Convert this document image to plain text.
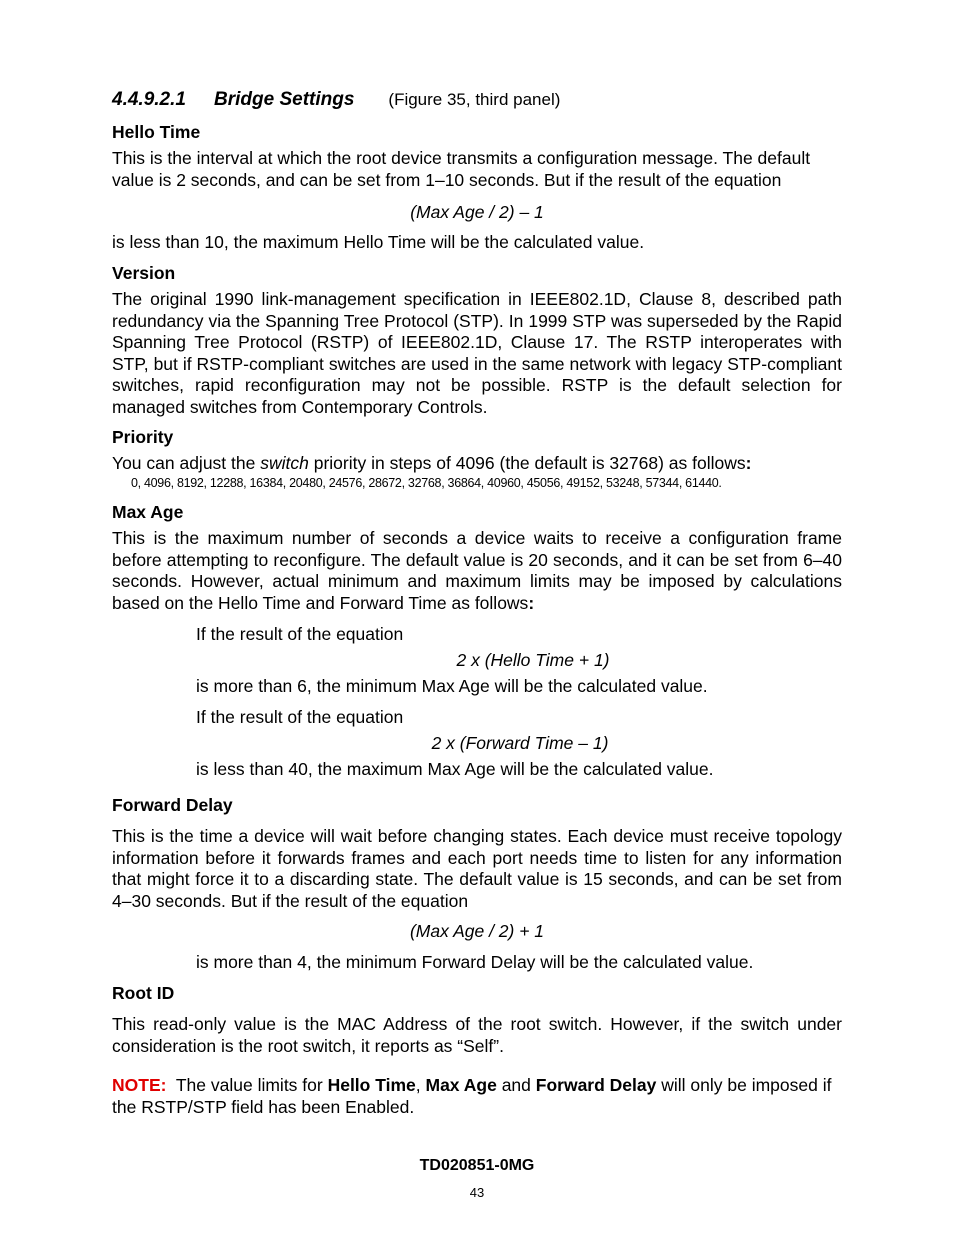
4.4.9.2.1 Bridge Settings (Figure 35, third panel)
Hello Time
This is the interval at which the root device transmits a configuration message. The default value is 2 seconds, and can be set from 1–10 seconds. But if the result of the equation
(Max Age / 2) – 1
is less than 10, the maximum Hello Time will be the calculated value.
Version
The original 1990 link-management specification in IEEE802.1D, Clause 8, described path redundancy via the Spanning Tree Protocol (STP). In 1999 STP was superseded by the Rapid Spanning Tree Protocol (RSTP) of IEEE802.1D, Clause 17. The RSTP interoperates with STP, but if RSTP-compliant switches are used in the same network with legacy STP-compliant switches, rapid reconfiguration may not be possible. RSTP is the default selection for managed switches from Contemporary Controls.
Priority
You can adjust the switch priority in steps of 4096 (the default is 32768) as follows:
0, 4096, 8192, 12288, 16384, 20480, 24576, 28672, 32768, 36864, 40960, 45056, 49152, 53248, 57344, 61440.
Max Age
This is the maximum number of seconds a device waits to receive a configuration frame before attempting to reconfigure. The default value is 20 seconds, and it can be set from 6–40 seconds. However, actual minimum and maximum limits may be imposed by calculations based on the Hello Time and Forward Time as follows:
If the result of the equation
2 x (Hello Time + 1)
is more than 6, the minimum Max Age will be the calculated value.
If the result of the equation
2 x (Forward Time – 1)
is less than 40, the maximum Max Age will be the calculated value.
Forward Delay
This is the time a device will wait before changing states. Each device must receive topology information before it forwards frames and each port needs time to listen for any information that might force it to a discarding state. The default value is 15 seconds, and can be set from 4–30 seconds. But if the result of the equation
(Max Age / 2) + 1
is more than 4, the minimum Forward Delay will be the calculated value.
Root ID
This read-only value is the MAC Address of the root switch. However, if the switch under consideration is the root switch, it reports as “Self”.
NOTE:  The value limits for Hello Time, Max Age and Forward Delay will only be imposed if the RSTP/STP field has been Enabled.
TD020851-0MG
43
